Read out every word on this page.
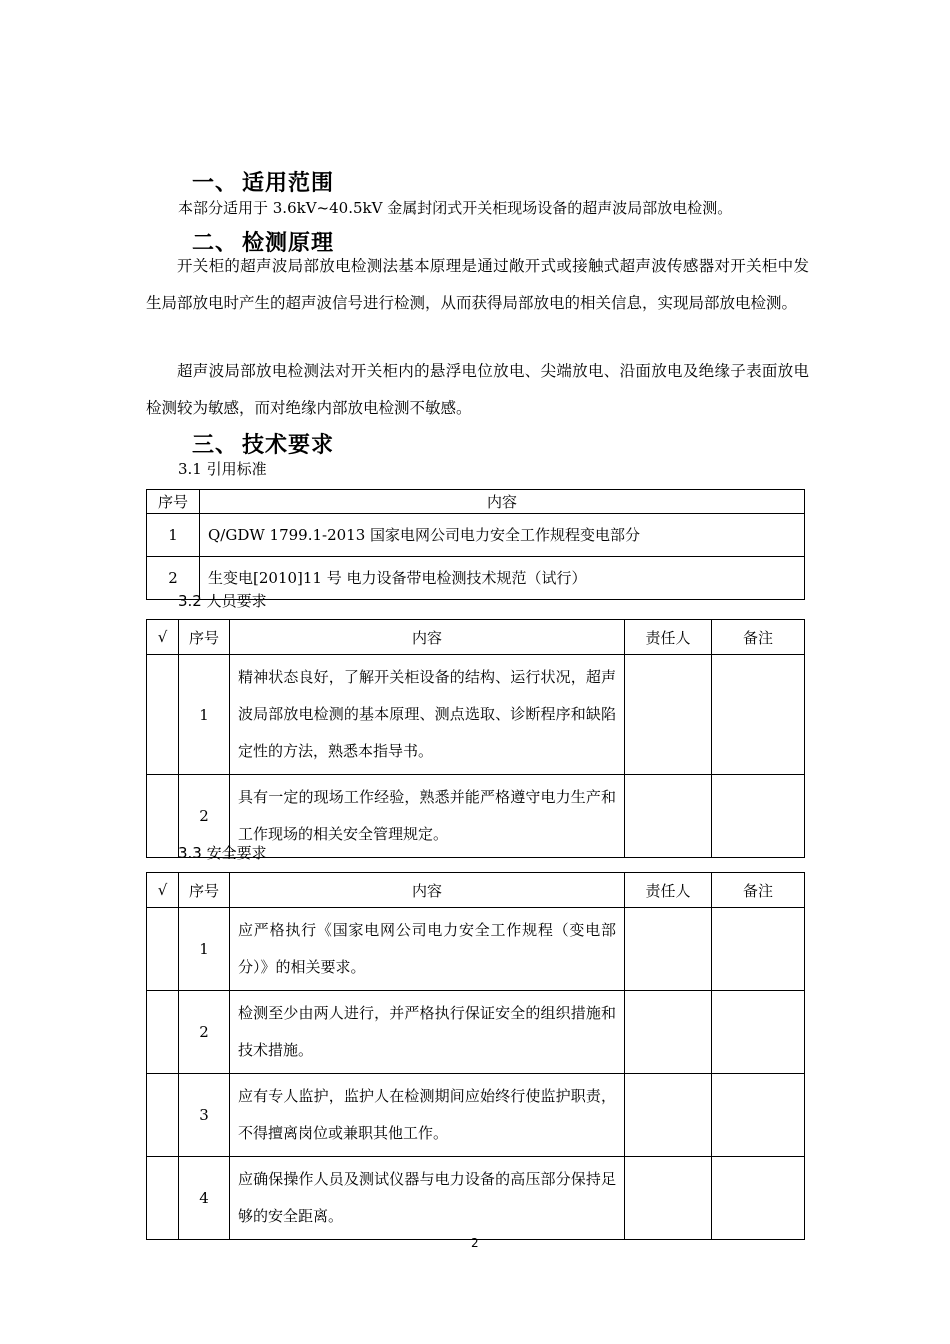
一、 适用范围
本部分适用于 3.6kV~40.5kV 金属封闭式开关柜现场设备的超声波局部放电检测。
二、 检测原理

开关柜的超声波局部放电检测法基本原理是通过敞开式或接触式超声波传感器对开关柜中发生局部放电时产生的超声波信号进行检测，从而获得局部放电的相关信息，实现局部放电检测。

超声波局部放电检测法对开关柜内的悬浮电位放电、尖端放电、沿面放电及绝缘子表面放电检测较为敏感，而对绝缘内部放电检测不敏感。

三、 技术要求
3.1 引用标准
序号	内容
1	Q/GDW 1799.1-2013 国家电网公司电力安全工作规程变电部分
2	生变电[2010]11 号 电力设备带电检测技术规范（试行）
3.2 人员要求
√	序号	内容	责任人	备注
	1	精神状态良好，了解开关柜设备的结构、运行状况，超声波局部放电检测的基本原理、测点选取、诊断程序和缺陷定性的方法，熟悉本指导书。		
	2	具有一定的现场工作经验，熟悉并能严格遵守电力生产和工作现场的相关安全管理规定。		
3.3 安全要求
√	序号	内容	责任人	备注
	1	应严格执行《国家电网公司电力安全工作规程（变电部分）》的相关要求。		
	2	检测至少由两人进行，并严格执行保证安全的组织措施和技术措施。		
	3	应有专人监护，监护人在检测期间应始终行使监护职责，不得擅离岗位或兼职其他工作。		
	4	应确保操作人员及测试仪器与电力设备的高压部分保持足够的安全距离。		
2
